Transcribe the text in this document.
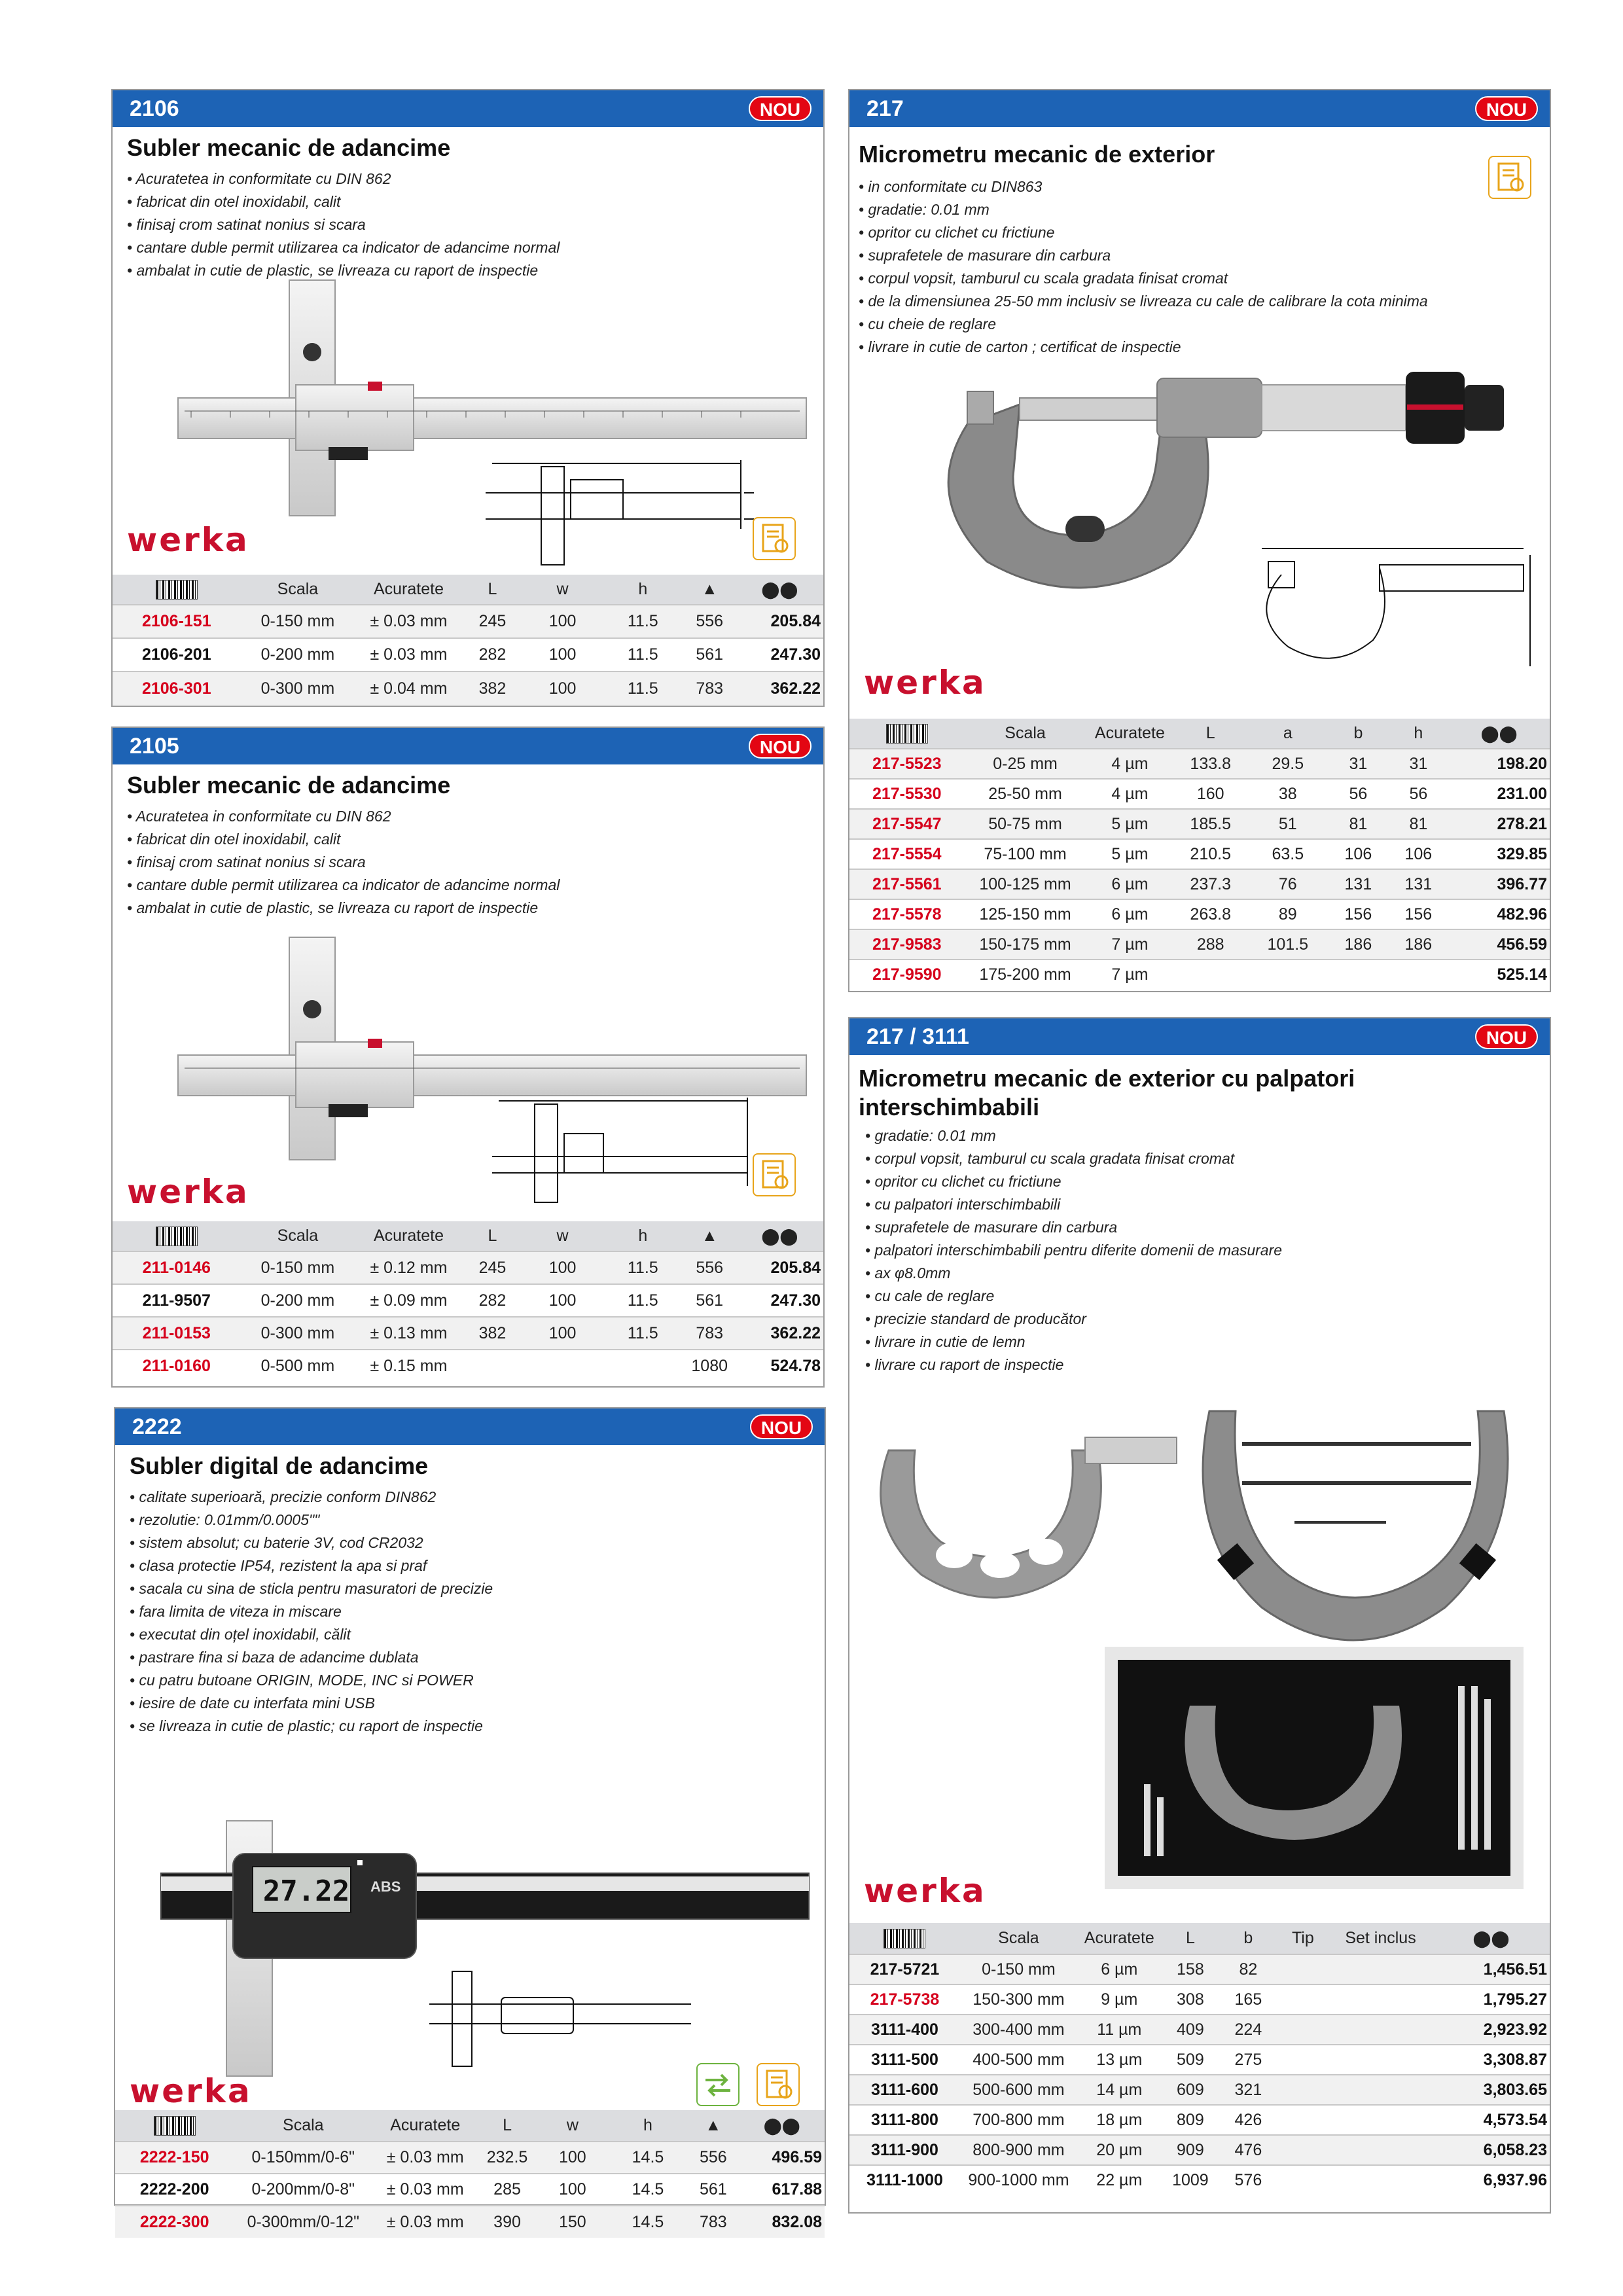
2106	NOU
Subler mecanic de adancime
• Acuratetea in conformitate cu DIN 862
• fabricat din otel inoxidabil, calit
• finisaj crom satinat nonius si scara
• cantare duble permit utilizarea ca indicator de adancime normal
• ambalat in cutie de plastic, se livreaza cu raport de inspectie
werka
	Scala	Acuratete	L	w	h	▲	⬤⬤
2106-151	0-150 mm	± 0.03 mm	245	100	11.5	556	205.84
2106-201	0-200 mm	± 0.03 mm	282	100	11.5	561	247.30
2106-301	0-300 mm	± 0.04 mm	382	100	11.5	783	362.22
2105	NOU
Subler mecanic de adancime
• Acuratetea in conformitate cu DIN 862
• fabricat din otel inoxidabil, calit
• finisaj crom satinat nonius si scara
• cantare duble permit utilizarea ca indicator de adancime normal
• ambalat in cutie de plastic, se livreaza cu raport de inspectie
werka
	Scala	Acuratete	L	w	h	▲	⬤⬤
211-0146	0-150 mm	± 0.12 mm	245	100	11.5	556	205.84
211-9507	0-200 mm	± 0.09 mm	282	100	11.5	561	247.30
211-0153	0-300 mm	± 0.13 mm	382	100	11.5	783	362.22
211-0160	0-500 mm	± 0.15 mm				1080	524.78
2222	NOU
Subler digital de adancime
• calitate superioară, precizie conform DIN862
• rezolutie: 0.01mm/0.0005""
• sistem absolut; cu baterie 3V, cod CR2032
• clasa protectie IP54, rezistent la apa si praf
• sacala cu sina de sticla pentru masuratori de precizie
• fara limita de viteza in miscare
• executat din oțel inoxidabil, călit
• pastrare fina si baza de adancime dublata
• cu patru butoane ORIGIN, MODE, INC si POWER
• iesire de date cu interfata mini USB
• se livreaza in cutie de plastic; cu raport de inspectie
27.22 ABS
werka
	Scala	Acuratete	L	w	h	▲	⬤⬤
2222-150	0-150mm/0-6"	± 0.03 mm	232.5	100	14.5	556	496.59
2222-200	0-200mm/0-8"	± 0.03 mm	285	100	14.5	561	617.88
2222-300	0-300mm/0-12"	± 0.03 mm	390	150	14.5	783	832.08
217	NOU
Micrometru mecanic de exterior
• in conformitate cu DIN863
• gradatie: 0.01 mm
• opritor cu clichet cu frictiune
• suprafetele de masurare din carbura
• corpul vopsit, tamburul cu scala gradata finisat cromat
• de la dimensiunea 25-50 mm inclusiv se livreaza cu cale de calibrare la cota minima
• cu cheie de reglare
• livrare in cutie de carton ; certificat de inspectie
werka
	Scala	Acuratete	L	a	b	h	⬤⬤
217-5523	0-25 mm	4 µm	133.8	29.5	31	31	198.20
217-5530	25-50 mm	4 µm	160	38	56	56	231.00
217-5547	50-75 mm	5 µm	185.5	51	81	81	278.21
217-5554	75-100 mm	5 µm	210.5	63.5	106	106	329.85
217-5561	100-125 mm	6 µm	237.3	76	131	131	396.77
217-5578	125-150 mm	6 µm	263.8	89	156	156	482.96
217-9583	150-175 mm	7 µm	288	101.5	186	186	456.59
217-9590	175-200 mm	7 µm					525.14
217 / 3111	NOU
Micrometru mecanic de exterior cu palpatori
interschimbabili
• gradatie: 0.01 mm
• corpul vopsit, tamburul cu scala gradata finisat cromat
• opritor cu clichet cu frictiune
• cu palpatori interschimbabili
• suprafetele de masurare din carbura
• palpatori interschimbabili pentru diferite domenii de masurare
• ax φ8.0mm
• cu cale de reglare
• precizie standard de producător
• livrare in cutie de lemn
• livrare cu raport de inspectie
werka
	Scala	Acuratete	L	b	Tip	Set inclus	⬤⬤
217-5721	0-150 mm	6 µm	158	82			1,456.51
217-5738	150-300 mm	9 µm	308	165			1,795.27
3111-400	300-400 mm	11 µm	409	224			2,923.92
3111-500	400-500 mm	13 µm	509	275			3,308.87
3111-600	500-600 mm	14 µm	609	321			3,803.65
3111-800	700-800 mm	18 µm	809	426			4,573.54
3111-900	800-900 mm	20 µm	909	476			6,058.23
3111-1000	900-1000 mm	22 µm	1009	576			6,937.96
